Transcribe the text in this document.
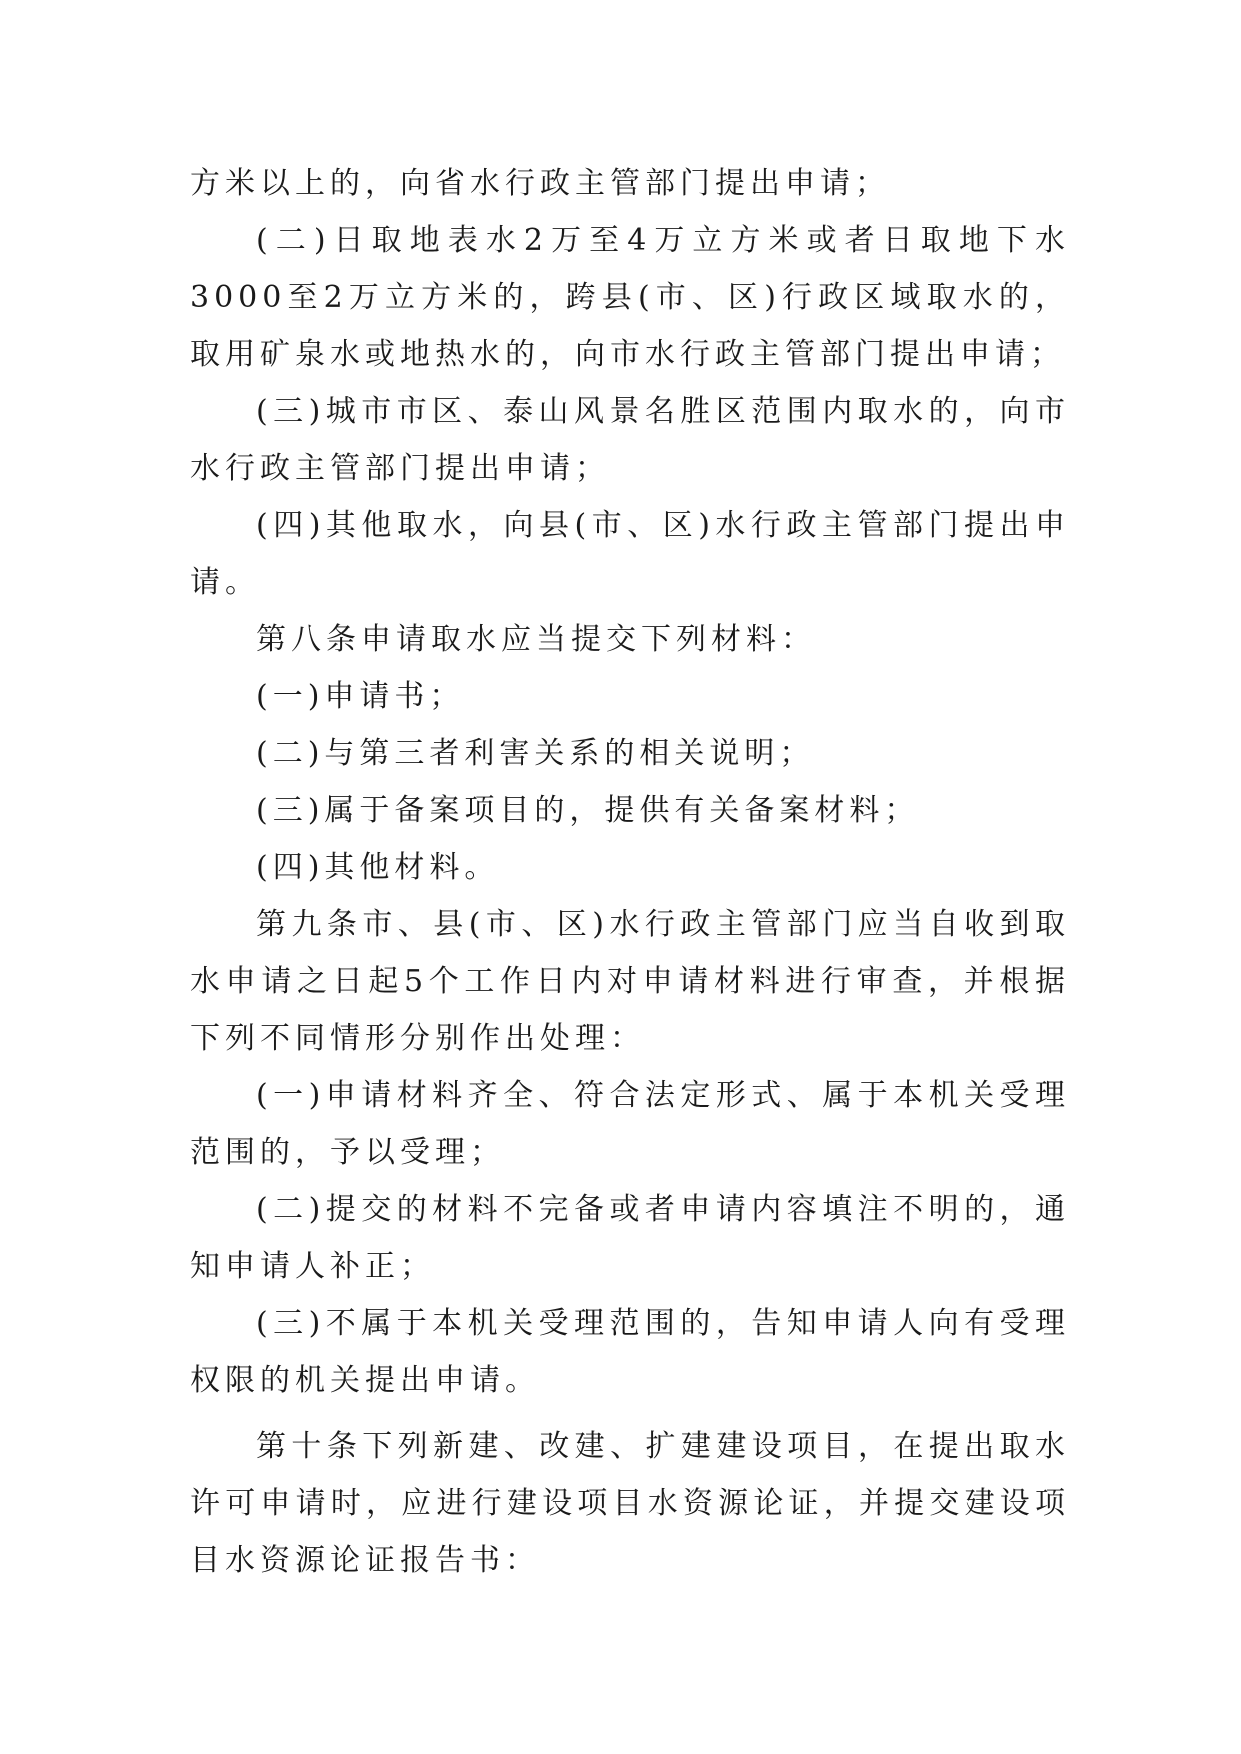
方米以上的，向省水行政主管部门提出申请；

(二)日取地表水2万至4万立方米或者日取地下水3000至2万立方米的，跨县(市、区)行政区域取水的，取用矿泉水或地热水的，向市水行政主管部门提出申请；

(三)城市市区、泰山风景名胜区范围内取水的，向市水行政主管部门提出申请；

(四)其他取水，向县(市、区)水行政主管部门提出申请。

第八条申请取水应当提交下列材料：

(一)申请书；

(二)与第三者利害关系的相关说明；

(三)属于备案项目的，提供有关备案材料；

(四)其他材料。

第九条市、县(市、区)水行政主管部门应当自收到取水申请之日起5个工作日内对申请材料进行审查，并根据下列不同情形分别作出处理：

(一)申请材料齐全、符合法定形式、属于本机关受理范围的，予以受理；

(二)提交的材料不完备或者申请内容填注不明的，通知申请人补正；

(三)不属于本机关受理范围的，告知申请人向有受理权限的机关提出申请。

第十条下列新建、改建、扩建建设项目，在提出取水许可申请时，应进行建设项目水资源论证，并提交建设项目水资源论证报告书：
